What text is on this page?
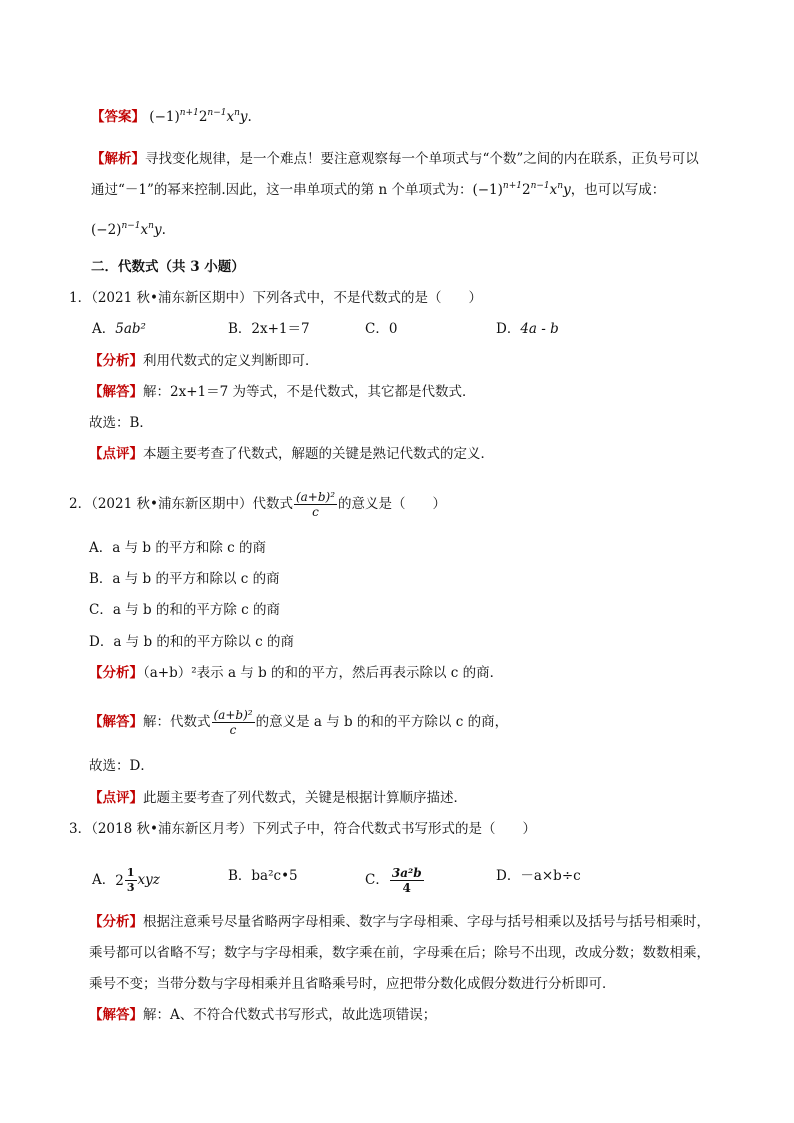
【答案】 $(-1)^{n+1}2^{n-1}x^ny$.
【解析】寻找变化规律，是一个难点！要注意观察每一个单项式与“个数”之间的内在联系，正负号可以
通过“－1”的幂来控制.因此，这一串单项式的第 n 个单项式为：$(-1)^{n+1}2^{n-1}x^ny$，也可以写成：
$(-2)^{n-1}x^ny$.
二．代数式（共 3 小题）
1．（2021 秋•浦东新区期中）下列各式中，不是代数式的是（　　）
A．5ab²	B．2x+1＝7	C．0	D．4a - b
【分析】利用代数式的定义判断即可．
【解答】解：2x+1＝7 为等式，不是代数式，其它都是代数式．
故选：B．
【点评】本题主要考查了代数式，解题的关键是熟记代数式的定义．
2．（2021 秋•浦东新区期中）代数式 $\frac{\text{(a+b)²}}{c}$ 的意义是（　　）
A．a 与 b 的平方和除 c 的商
B．a 与 b 的平方和除以 c 的商
C．a 与 b 的和的平方除 c 的商
D．a 与 b 的和的平方除以 c 的商
【分析】（a+b）²表示 a 与 b 的和的平方，然后再表示除以 c 的商．
【解答】解：代数式 $\frac{\text{(a+b)²}}{c}$ 的意义是 a 与 b 的和的平方除以 c 的商，
故选：D．
【点评】此题主要考查了列代数式，关键是根据计算顺序描述．
3．（2018 秋•浦东新区月考）下列式子中，符合代数式书写形式的是（　　）
A． $2 \frac{1}{3}$ xyz	B．ba²c•5	C． $\frac{\text{3a²b}}{4}$	D．－a×b÷c
【分析】根据注意乘号尽量省略两字母相乘、数字与字母相乘、字母与括号相乘以及括号与括号相乘时，
乘号都可以省略不写；数字与字母相乘，数字乘在前，字母乘在后；除号不出现，改成分数；数数相乘，
乘号不变；当带分数与字母相乘并且省略乘号时，应把带分数化成假分数进行分析即可．
【解答】解：A、不符合代数式书写形式，故此选项错误；
